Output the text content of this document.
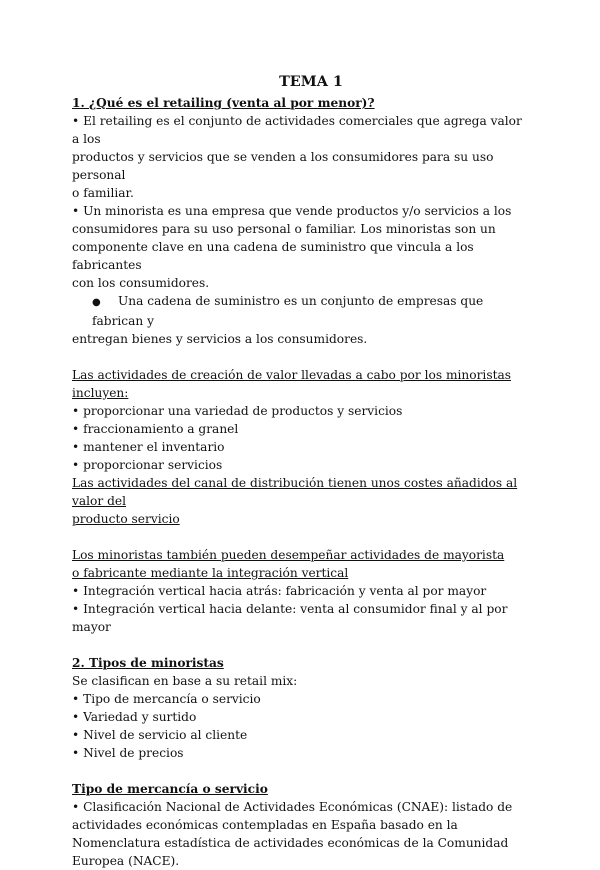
TEMA 1

1. ¿Qué es el retailing (venta al por menor)?

• El retailing es el conjunto de actividades comerciales que agrega valor a los

productos y servicios que se venden a los consumidores para su uso personal

o familiar.

• Un minorista es una empresa que vende productos y/o servicios a los

consumidores para su uso personal o familiar. Los minoristas son un

componente clave en una cadena de suministro que vincula a los fabricantes

con los consumidores.

● Una cadena de suministro es un conjunto de empresas que fabrican y

entregan bienes y servicios a los consumidores.

Las actividades de creación de valor llevadas a cabo por los minoristas

incluyen:

• proporcionar una variedad de productos y servicios
• fraccionamiento a granel
• mantener el inventario
• proporcionar servicios

Las actividades del canal de distribución tienen unos costes añadidos al valor del

producto servicio

Los minoristas también pueden desempeñar actividades de mayorista

o fabricante mediante la integración vertical

• Integración vertical hacia atrás: fabricación y venta al por mayor
• Integración vertical hacia delante: venta al consumidor final y al por mayor

2. Tipos de minoristas

Se clasifican en base a su retail mix:

• Tipo de mercancía o servicio
• Variedad y surtido
• Nivel de servicio al cliente
• Nivel de precios

Tipo de mercancía o servicio

• Clasificación Nacional de Actividades Económicas (CNAE): listado de

actividades económicas contempladas en España basado en la

Nomenclatura estadística de actividades económicas de la Comunidad

Europea (NACE).
